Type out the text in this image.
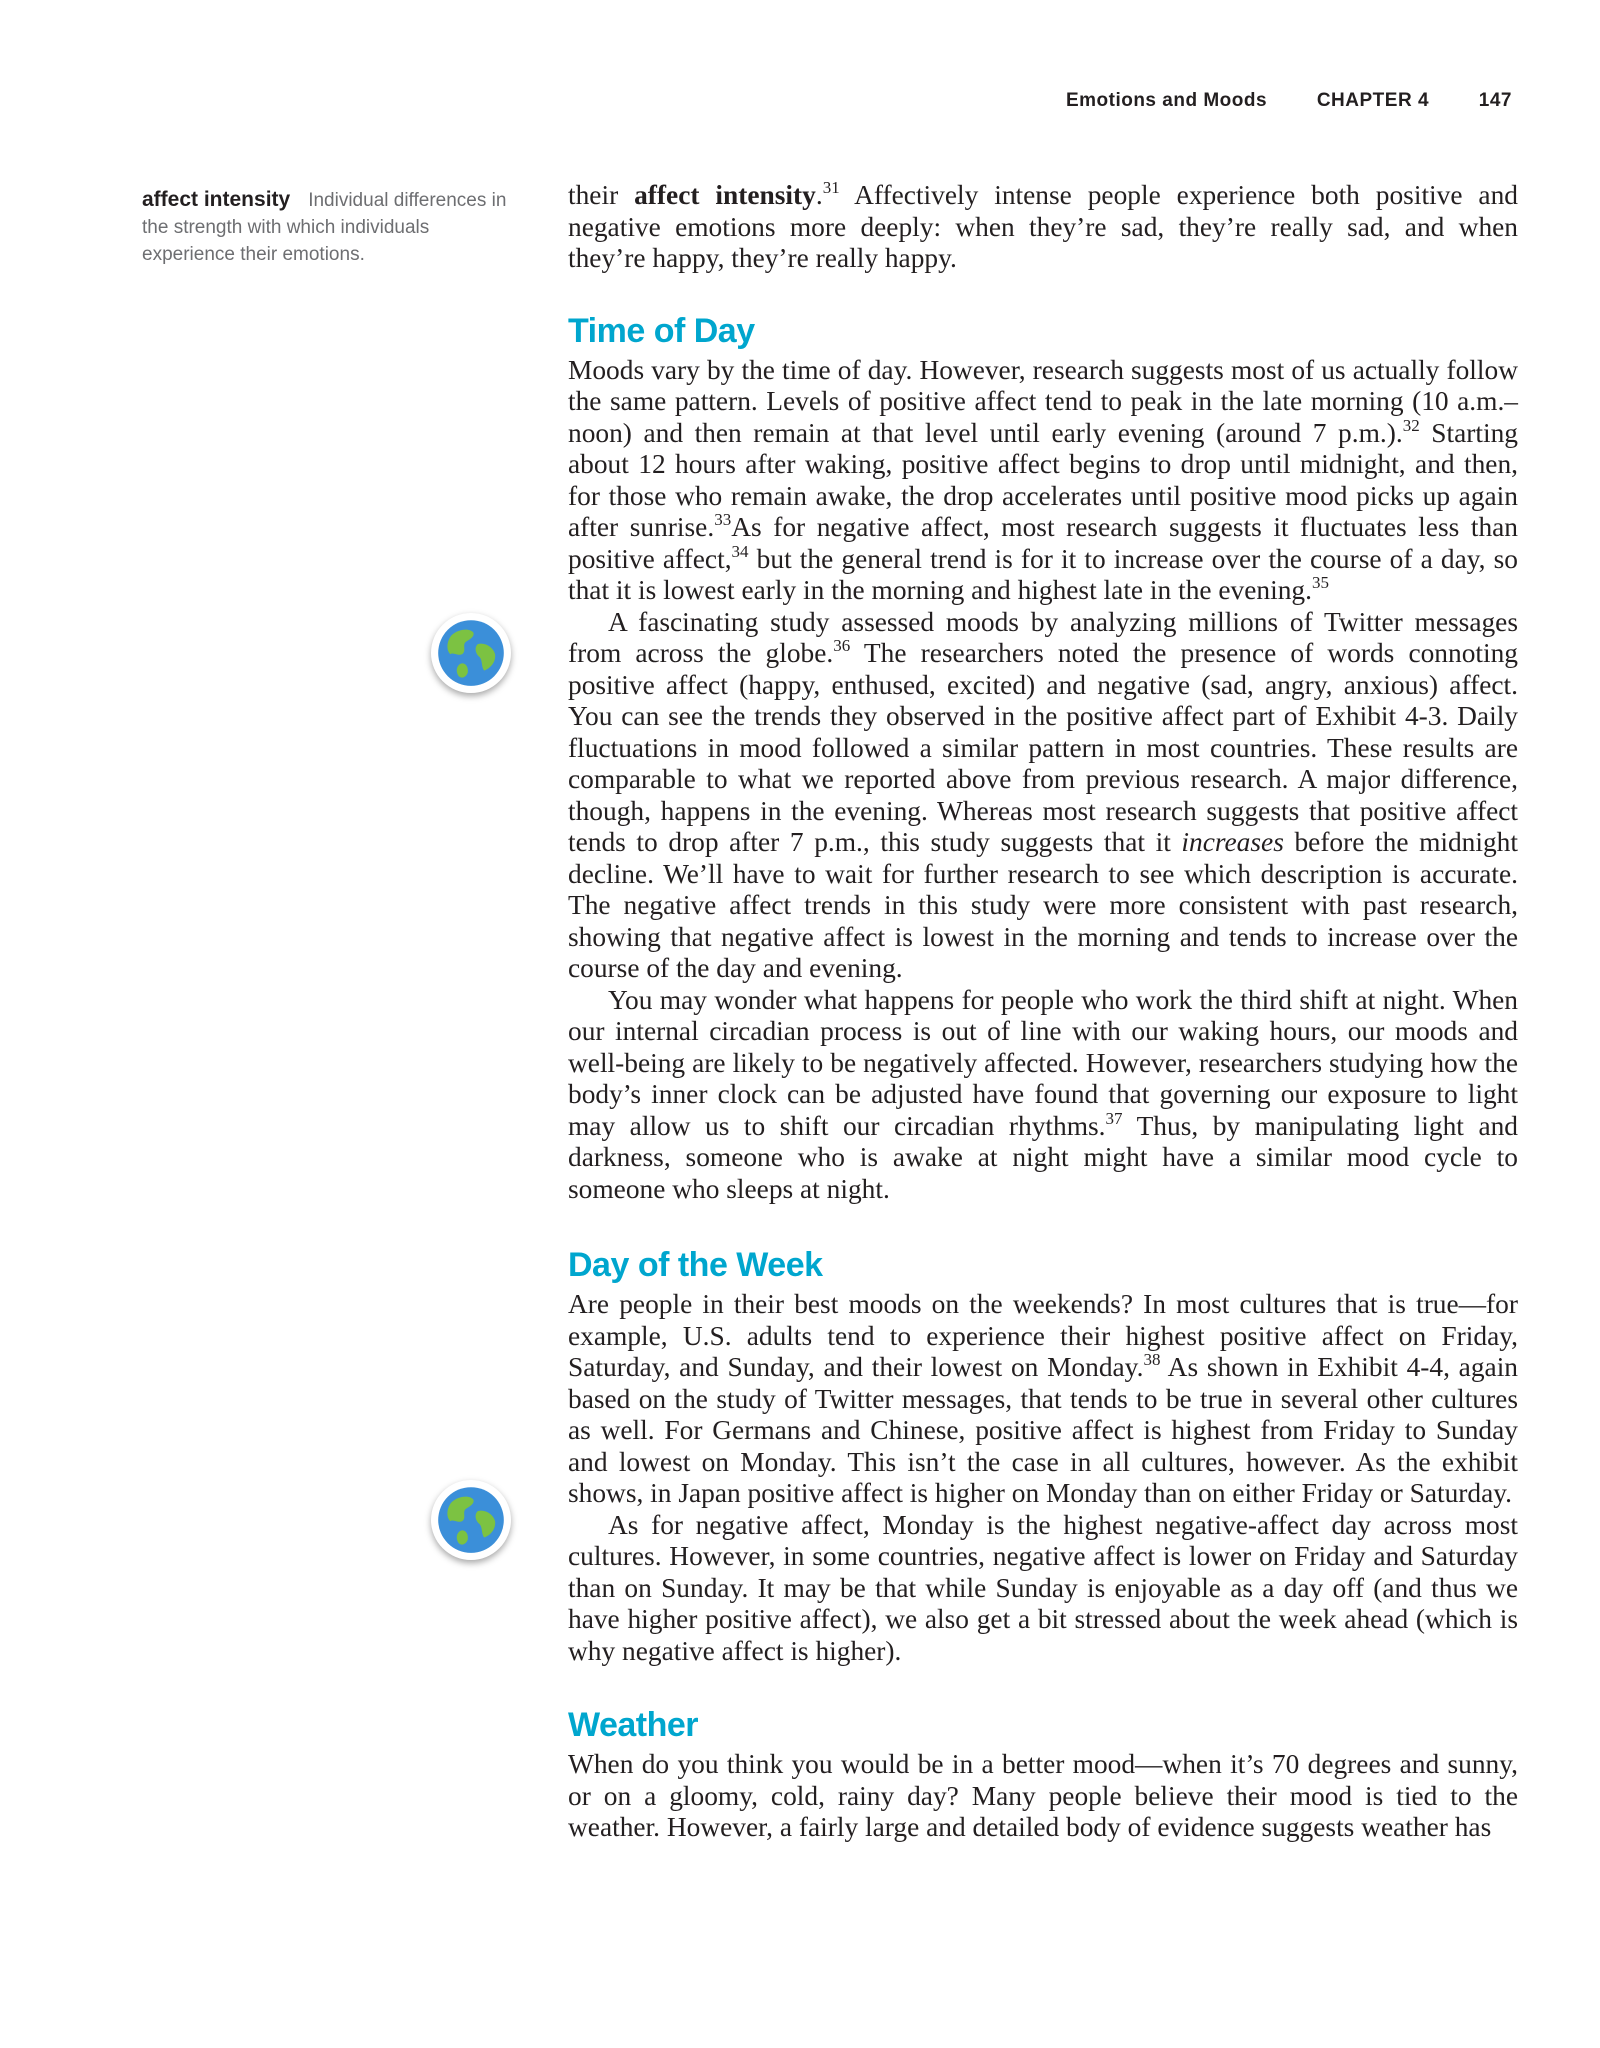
Emotions and Moods	CHAPTER 4	147
affect intensity Individual differences in the strength with which individuals experience their emotions.

their affect intensity.$^{31}$ Affectively intense people experience both positive and negative emotions more deeply: when they’re sad, they’re really sad, and when they’re happy, they’re really happy.

Time of Day

Moods vary by the time of day. However, research suggests most of us actually follow the same pattern. Levels of positive affect tend to peak in the late morning (10 a.m.–noon) and then remain at that level until early evening (around 7 p.m.).$^{32}$ Starting about 12 hours after waking, positive affect begins to drop until midnight, and then, for those who remain awake, the drop accelerates until positive mood picks up again after sunrise.$^{33}$As for negative affect, most research suggests it fluctuates less than positive affect,$^{34}$ but the general trend is for it to increase over the course of a day, so that it is lowest early in the morning and highest late in the evening.$^{35}$

A fascinating study assessed moods by analyzing millions of Twitter messages from across the globe.$^{36}$ The researchers noted the presence of words connoting positive affect (happy, enthused, excited) and negative (sad, angry, anxious) affect. You can see the trends they observed in the positive affect part of Exhibit 4-3. Daily fluctuations in mood followed a similar pattern in most countries. These results are comparable to what we reported above from previous research. A major difference, though, happens in the evening. Whereas most research suggests that positive affect tends to drop after 7 p.m., this study suggests that it increases before the midnight decline. We’ll have to wait for further research to see which description is accurate. The negative affect trends in this study were more consistent with past research, showing that negative affect is lowest in the morning and tends to increase over the course of the day and evening.

You may wonder what happens for people who work the third shift at night. When our internal circadian process is out of line with our waking hours, our moods and well-being are likely to be negatively affected. However, researchers studying how the body’s inner clock can be adjusted have found that governing our exposure to light may allow us to shift our circadian rhythms.$^{37}$ Thus, by manipulating light and darkness, someone who is awake at night might have a similar mood cycle to someone who sleeps at night.

Day of the Week

Are people in their best moods on the weekends? In most cultures that is true—for example, U.S. adults tend to experience their highest positive affect on Friday, Saturday, and Sunday, and their lowest on Monday.$^{38}$ As shown in Exhibit 4-4, again based on the study of Twitter messages, that tends to be true in several other cultures as well. For Germans and Chinese, positive affect is highest from Friday to Sunday and lowest on Monday. This isn’t the case in all cultures, however. As the exhibit shows, in Japan positive affect is higher on Monday than on either Friday or Saturday.

As for negative affect, Monday is the highest negative-affect day across most cultures. However, in some countries, negative affect is lower on Friday and Saturday than on Sunday. It may be that while Sunday is enjoyable as a day off (and thus we have higher positive affect), we also get a bit stressed about the week ahead (which is why negative affect is higher).

Weather

When do you think you would be in a better mood—when it’s 70 degrees and sunny, or on a gloomy, cold, rainy day? Many people believe their mood is tied to the weather. However, a fairly large and detailed body of evidence suggests weather has
